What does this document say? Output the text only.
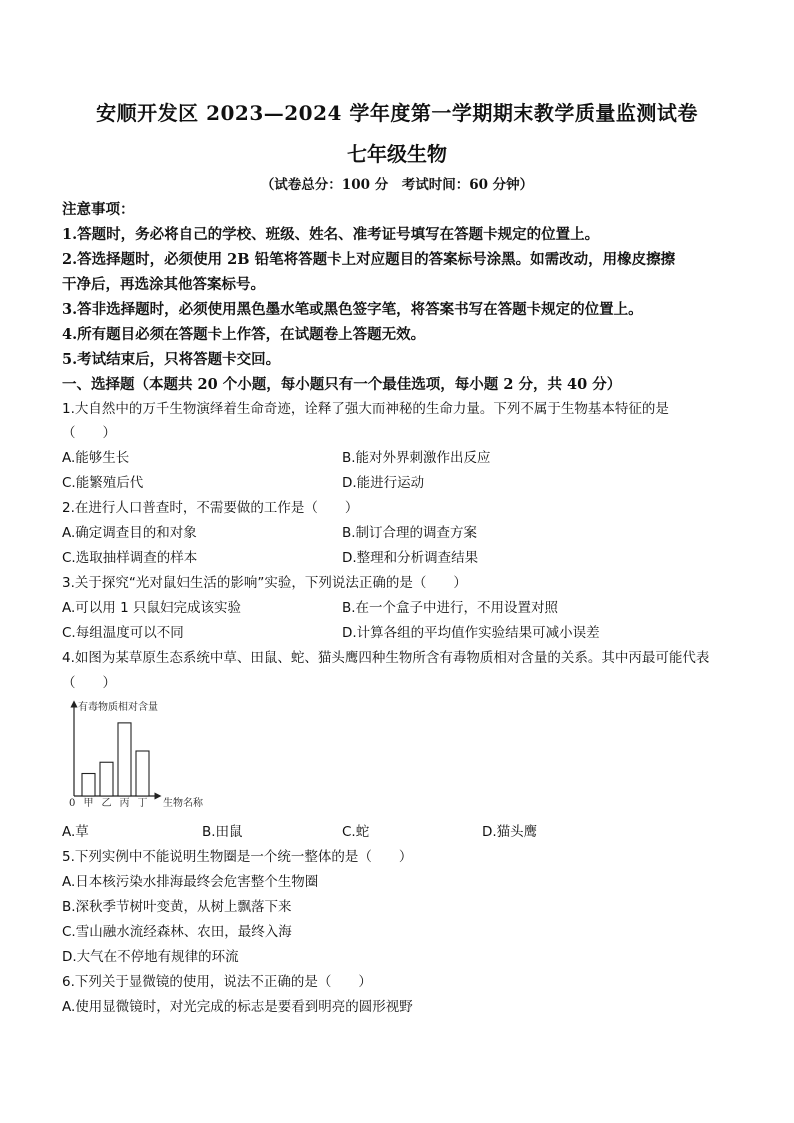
安顺开发区 2023—2024 学年度第一学期期末教学质量监测试卷
七年级生物
（试卷总分：100 分　考试时间：60 分钟）
注意事项：
1.答题时，务必将自己的学校、班级、姓名、准考证号填写在答题卡规定的位置上。
2.答选择题时，必须使用 2B 铅笔将答题卡上对应题目的答案标号涂黑。如需改动，用橡皮擦擦
干净后，再选涂其他答案标号。
3.答非选择题时，必须使用黑色墨水笔或黑色签字笔，将答案书写在答题卡规定的位置上。
4.所有题目必须在答题卡上作答，在试题卷上答题无效。
5.考试结束后，只将答题卡交回。
一、选择题（本题共 20 个小题，每小题只有一个最佳选项，每小题 2 分，共 40 分）
1.大自然中的万千生物演绎着生命奇迹，诠释了强大而神秘的生命力量。下列不属于生物基本特征的是
（　　）
A.能够生长	B.能对外界刺激作出反应
C.能繁殖后代	D.能进行运动
2.在进行人口普查时，不需要做的工作是（　　）
A.确定调查目的和对象	B.制订合理的调查方案
C.选取抽样调查的样本	D.整理和分析调查结果
3.关于探究“光对鼠妇生活的影响”实验，下列说法正确的是（　　）
A.可以用 1 只鼠妇完成该实验	B.在一个盒子中进行，不用设置对照
C.每组温度可以不同	D.计算各组的平均值作实验结果可减小误差
4.如图为某草原生态系统中草、田鼠、蛇、猫头鹰四种生物所含有毒物质相对含量的关系。其中丙最可能代表
（　　）
有毒物质相对含量
0	生物名称
甲 乙 丙 丁
A.草	B.田鼠	C.蛇	D.猫头鹰
5.下列实例中不能说明生物圈是一个统一整体的是（　　）
A.日本核污染水排海最终会危害整个生物圈
B.深秋季节树叶变黄，从树上飘落下来
C.雪山融水流经森林、农田，最终入海
D.大气在不停地有规律的环流
6.下列关于显微镜的使用，说法不正确的是（　　）
A.使用显微镜时，对光完成的标志是要看到明亮的圆形视野
